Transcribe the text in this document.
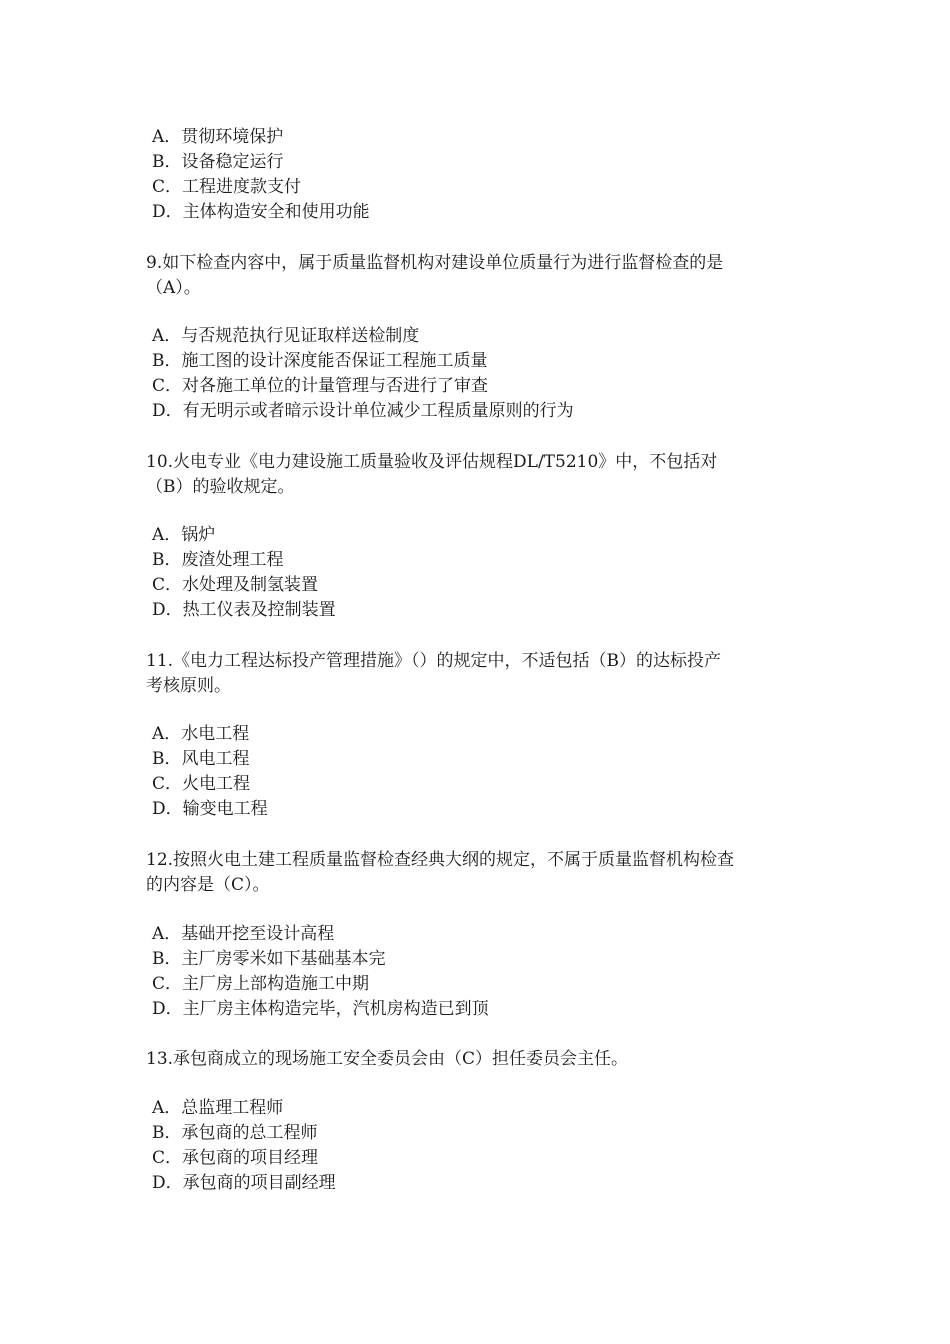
A．贯彻环境保护
B．设备稳定运行
C．工程进度款支付
D．主体构造安全和使用功能
9.如下检查内容中，属于质量监督机构对建设单位质量行为进行监督检查的是
（A）。
A．与否规范执行见证取样送检制度
B．施工图的设计深度能否保证工程施工质量
C．对各施工单位的计量管理与否进行了审查
D．有无明示或者暗示设计单位减少工程质量原则的行为
10.火电专业《电力建设施工质量验收及评估规程DL/T5210》中，不包括对
（B）的验收规定。
A．锅炉
B．废渣处理工程
C．水处理及制氢装置
D．热工仪表及控制装置
11.《电力工程达标投产管理措施》（）的规定中，不适包括（B）的达标投产
考核原则。
A．水电工程
B．风电工程
C．火电工程
D．输变电工程
12.按照火电土建工程质量监督检查经典大纲的规定，不属于质量监督机构检查
的内容是（C）。
A．基础开挖至设计高程
B．主厂房零米如下基础基本完
C．主厂房上部构造施工中期
D．主厂房主体构造完毕，汽机房构造已到顶
13.承包商成立的现场施工安全委员会由（C）担任委员会主任。
A．总监理工程师
B．承包商的总工程师
C．承包商的项目经理
D．承包商的项目副经理
